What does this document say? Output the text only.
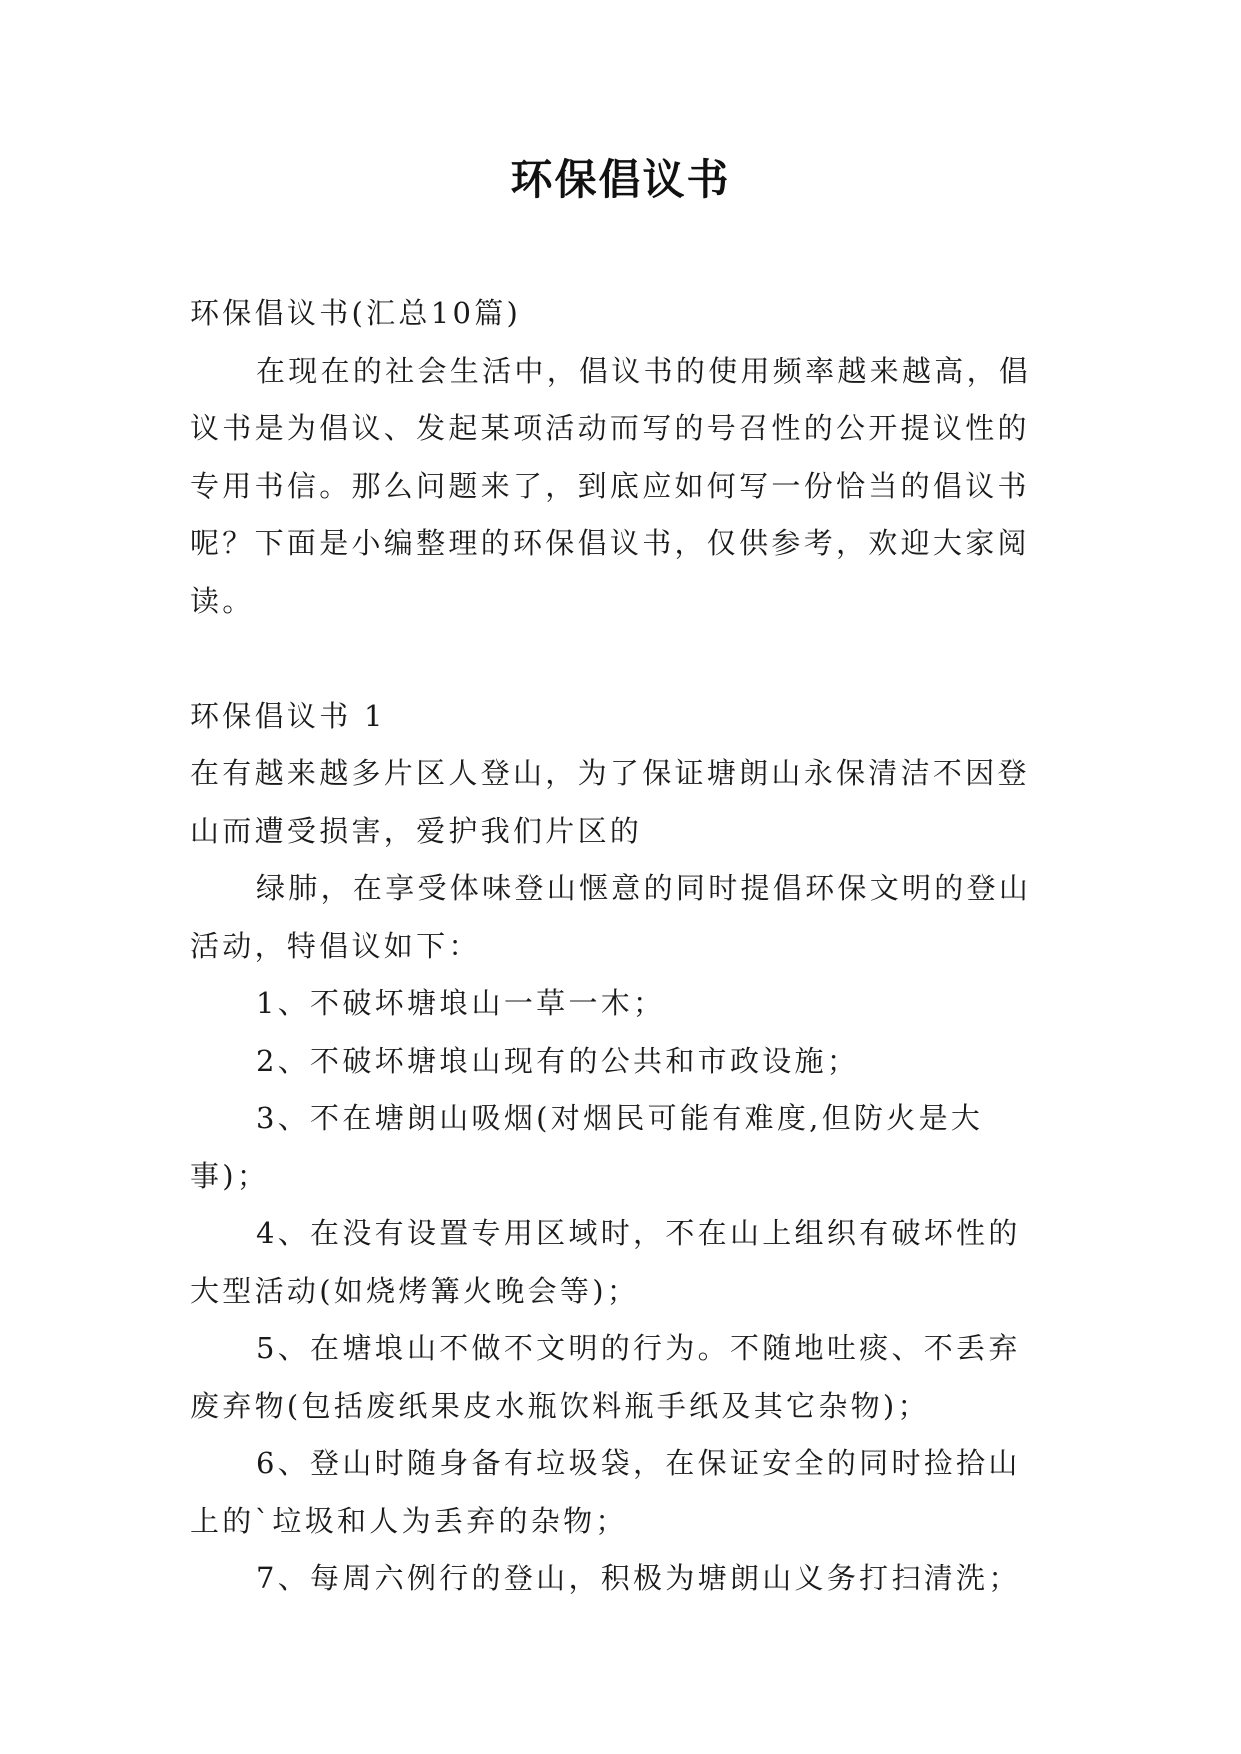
环保倡议书

环保倡议书(汇总10篇)

在现在的社会生活中，倡议书的使用频率越来越高，倡议书是为倡议、发起某项活动而写的号召性的公开提议性的专用书信。那么问题来了，到底应如何写一份恰当的倡议书呢？下面是小编整理的环保倡议书，仅供参考，欢迎大家阅读。

环保倡议书 1

在有越来越多片区人登山，为了保证塘朗山永保清洁不因登山而遭受损害，爱护我们片区的

绿肺，在享受体味登山惬意的同时提倡环保文明的登山活动，特倡议如下：

1、不破坏塘埌山一草一木；

2、不破坏塘埌山现有的公共和市政设施；

3、不在塘朗山吸烟(对烟民可能有难度,但防火是大事)；

4、在没有设置专用区域时，不在山上组织有破坏性的大型活动(如烧烤篝火晚会等)；

5、在塘埌山不做不文明的行为。不随地吐痰、不丢弃废弃物(包括废纸果皮水瓶饮料瓶手纸及其它杂物)；

6、登山时随身备有垃圾袋，在保证安全的同时捡拾山上的`垃圾和人为丢弃的杂物；

7、每周六例行的登山，积极为塘朗山义务打扫清洗；
